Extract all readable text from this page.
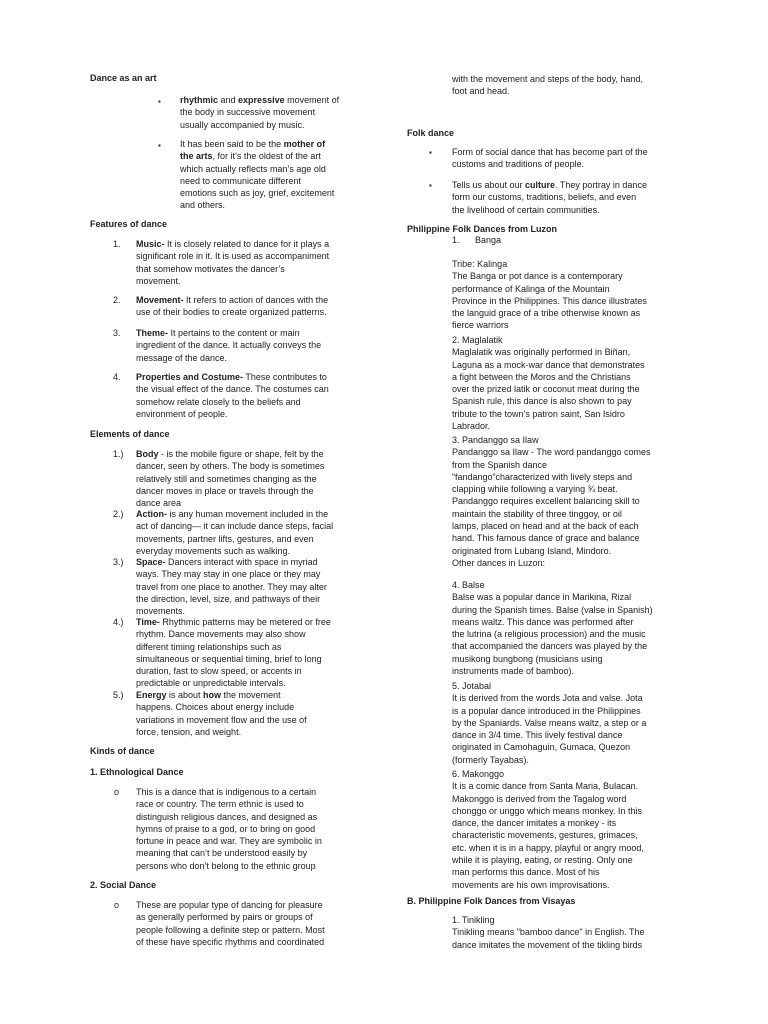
Dance as an art
▪ rhythmic and expressive movement of
the body in successive movement
usually accompanied by music.
▪ It has been said to be the mother of
the arts, for it’s the oldest of the art
which actually reflects man’s age old
need to communicate different
emotions such as joy, grief, excitement
and others.
Features of dance
1. Music- It is closely related to dance for it plays a
significant role in it. It is used as accompaniment
that somehow motivates the dancer’s
movement.
2. Movement- It refers to action of dances with the
use of their bodies to create organized patterns.
3. Theme- It pertains to the content or main
ingredient of the dance. It actually conveys the
message of the dance.
4. Properties and Costume- These contributes to
the visual effect of the dance. The costumes can
somehow relate closely to the beliefs and
environment of people.
Elements of dance
1.) Body - is the mobile figure or shape, felt by the
dancer, seen by others. The body is sometimes
relatively still and sometimes changing as the
dancer moves in place or travels through the
dance area
2.) Action- is any human movement included in the
act of dancing— it can include dance steps, facial
movements, partner lifts, gestures, and even
everyday movements such as walking.
3.) Space- Dancers interact with space in myriad
ways. They may stay in one place or they may
travel from one place to another. They may alter
the direction, level, size, and pathways of their
movements.
4.) Time- Rhythmic patterns may be metered or free
rhythm. Dance movements may also show
different timing relationships such as
simultaneous or sequential timing, brief to long
duration, fast to slow speed, or accents in
predictable or unpredictable intervals.
5.) Energy is about how the movement
happens. Choices about energy include
variations in movement flow and the use of
force, tension, and weight.
Kinds of dance
1. Ethnological Dance
o This is a dance that is indigenous to a certain
race or country. The term ethnic is used to
distinguish religious dances, and designed as
hymns of praise to a god, or to bring on good
fortune in peace and war. They are symbolic in
meaning that can’t be understood easily by
persons who don’t belong to the ethnic group
2. Social Dance
o These are popular type of dancing for pleasure
as generally performed by pairs or groups of
people following a definite step or pattern. Most
of these have specific rhythms and coordinated
with the movement and steps of the body, hand,
foot and head.
Folk dance
▪ Form of social dance that has become part of the
customs and traditions of people.
▪ Tells us about our culture. They portray in dance
form our customs, traditions, beliefs, and even
the livelihood of certain communities.
Philippine Folk Dances from Luzon
1. Banga
Tribe: Kalinga
The Banga or pot dance is a contemporary
performance of Kalinga of the Mountain
Province in the Philippines. This dance illustrates
the languid grace of a tribe otherwise known as
fierce warriors
2. Maglalatik
Maglalatik was originally performed in Biñan,
Laguna as a mock-war dance that demonstrates
a fight between the Moros and the Christians
over the prized latik or coconut meat during the
Spanish rule, this dance is also shown to pay
tribute to the town’s patron saint, San Isidro
Labrador.
3. Pandanggo sa Ilaw
Pandanggo sa Ilaw - The word pandanggo comes
from the Spanish dance
“fandango”characterized with lively steps and
clapping while following a varying ¾ beat.
Pandanggo requires excellent balancing skill to
maintain the stability of three tinggoy, or oil
lamps, placed on head and at the back of each
hand. This famous dance of grace and balance
originated from Lubang Island, Mindoro.
Other dances in Luzon:
4. Balse
Balse was a popular dance in Marikina, Rizal
during the Spanish times. Balse (valse in Spanish)
means waltz. This dance was performed after
the lutrina (a religious procession) and the music
that accompanied the dancers was played by the
musikong bungbong (musicians using
instruments made of bamboo).
5. Jotabal
It is derived from the words Jota and valse. Jota
is a popular dance introduced in the Philippines
by the Spaniards. Valse means waltz, a step or a
dance in 3/4 time. This lively festival dance
originated in Camohaguin, Gumaca, Quezon
(formerly Tayabas).
6. Makonggo
It is a comic dance from Santa Maria, Bulacan.
Makonggo is derived from the Tagalog word
chonggo or unggo which means monkey. In this
dance, the dancer imitates a monkey - its
characteristic movements, gestures, grimaces,
etc. when it is in a happy, playful or angry mood,
while it is playing, eating, or resting. Only one
man performs this dance. Most of his
movements are his own improvisations.
B. Philippine Folk Dances from Visayas
1. Tinikling
Tinikling means "bamboo dance" in English. The
dance imitates the movement of the tikling birds
